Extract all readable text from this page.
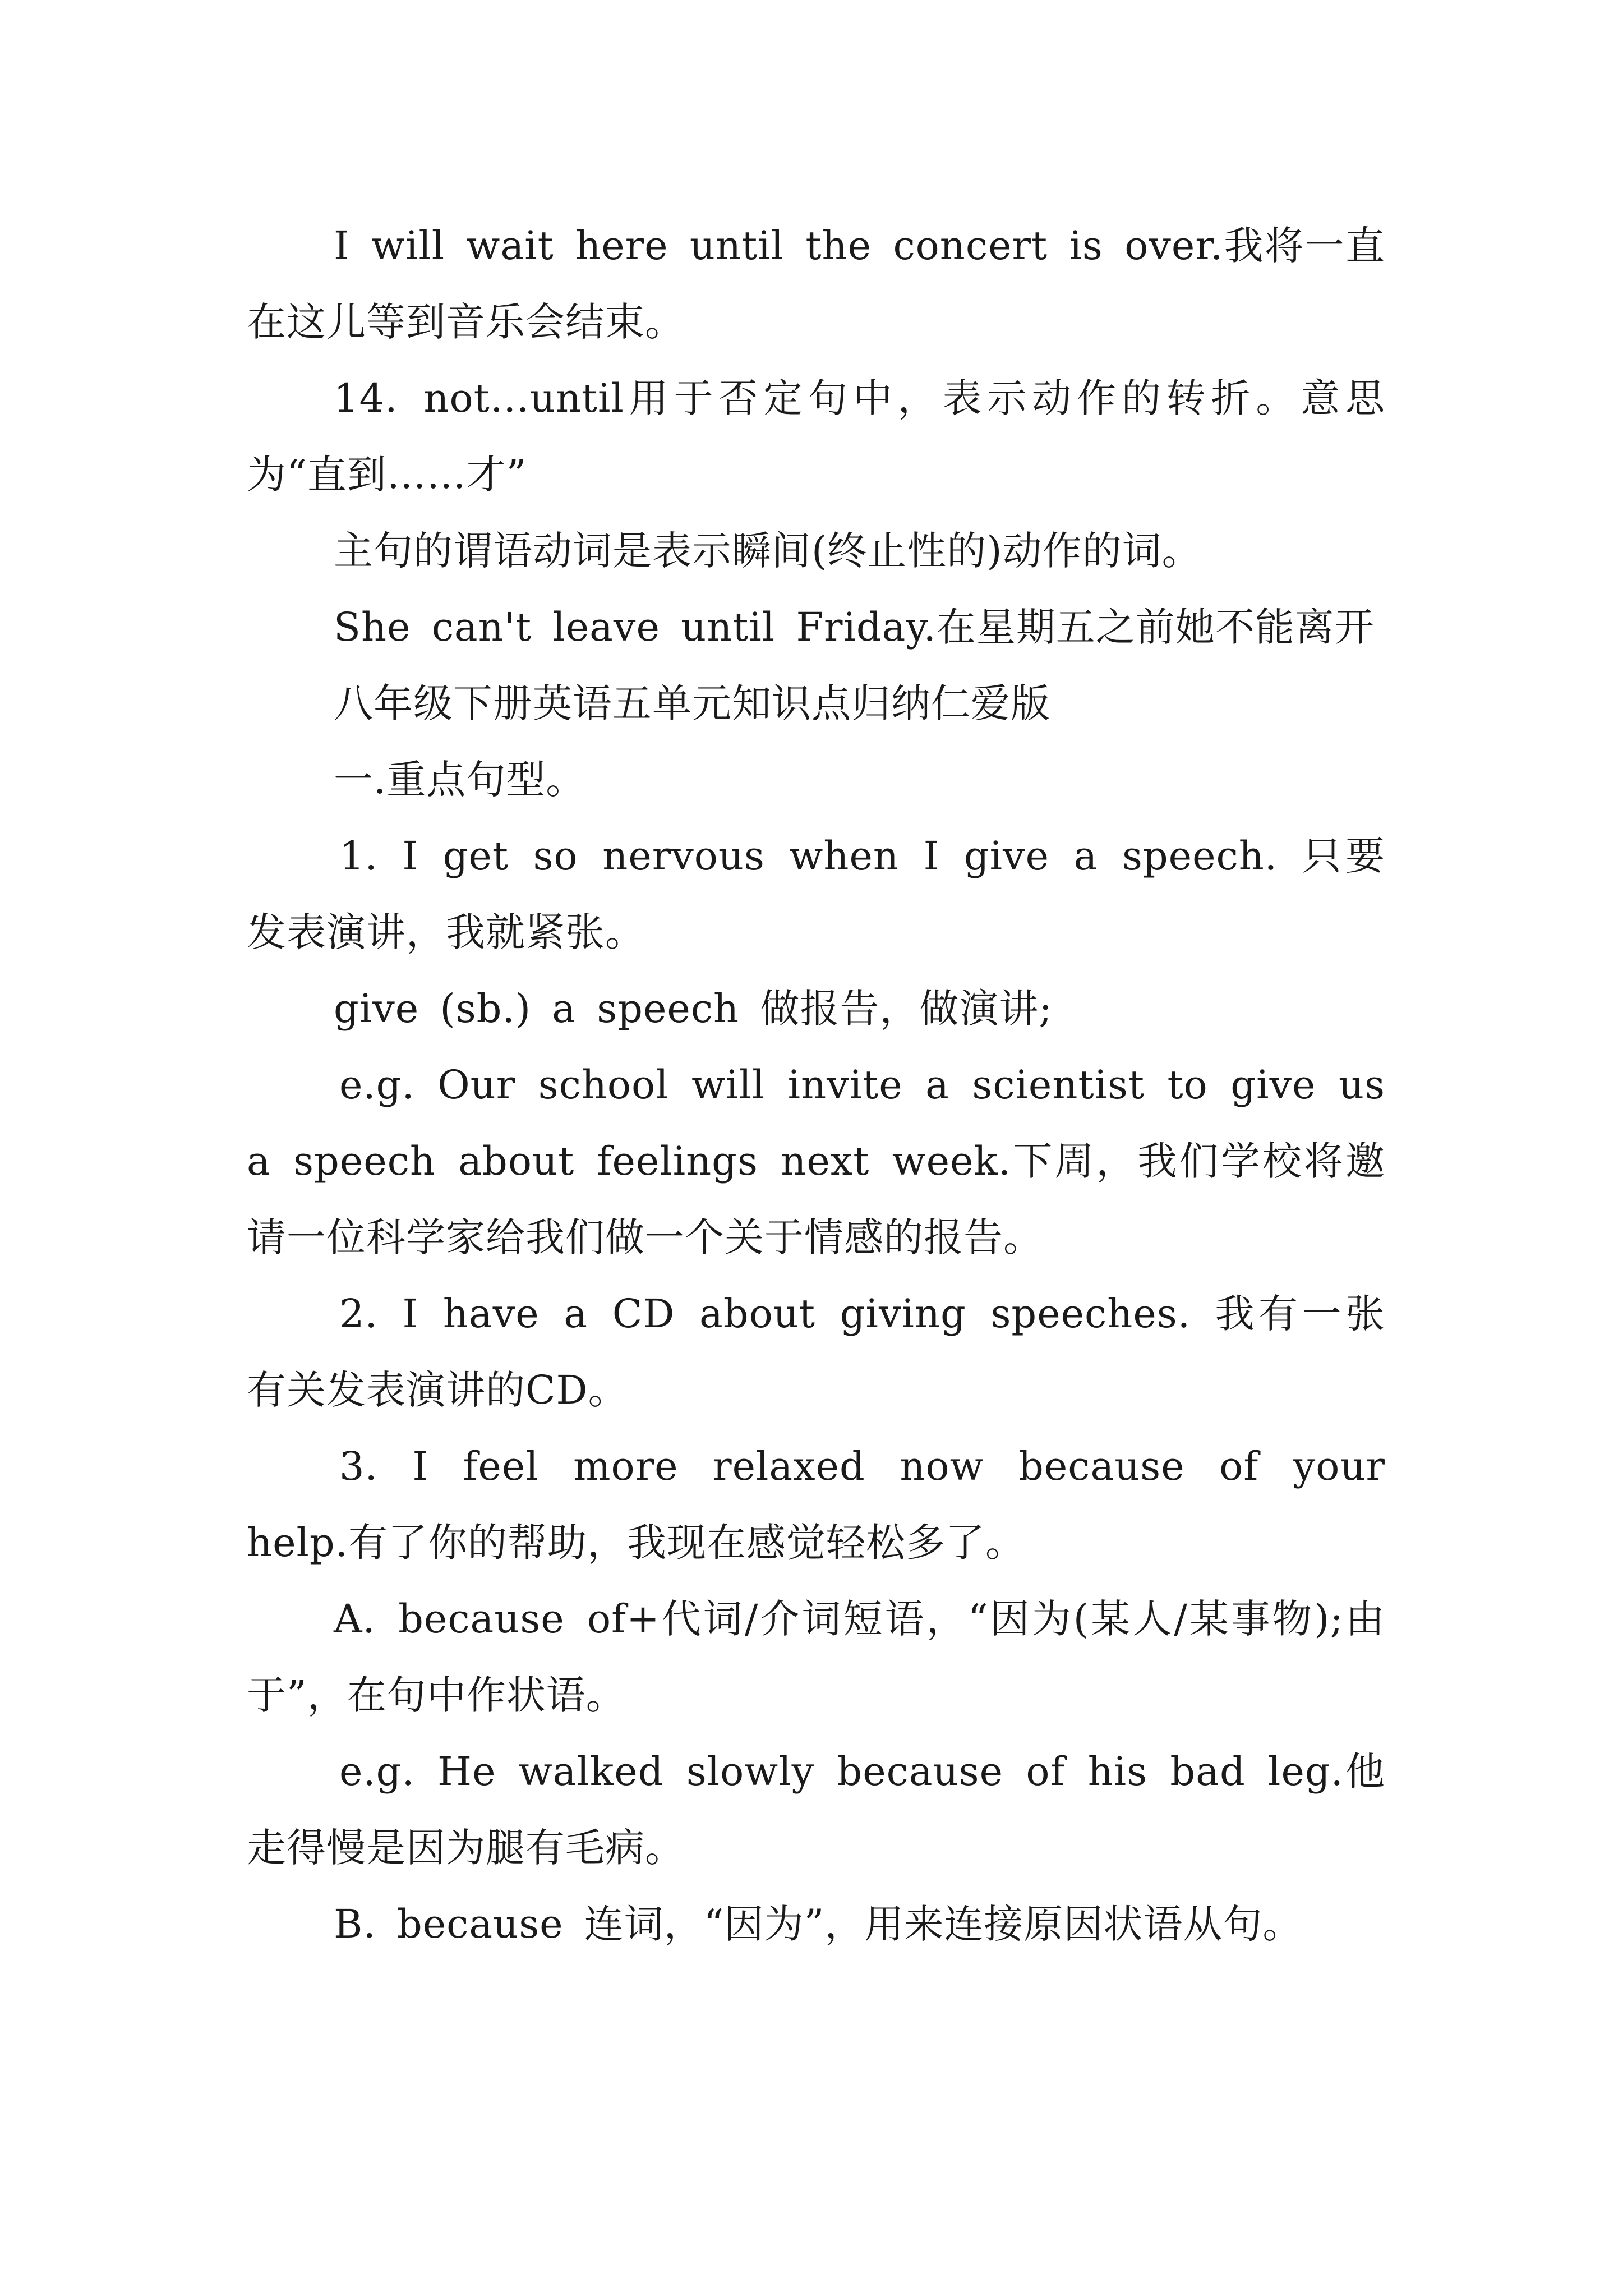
I will wait here until the concert is over.我将一直在这儿等到音乐会结束。

14. not…until用于否定句中，表示动作的转折。意思为“直到……才”

主句的谓语动词是表示瞬间(终止性的)动作的词。

She can't leave until Friday.在星期五之前她不能离开

八年级下册英语五单元知识点归纳仁爱版

一.重点句型。

1. I get so nervous when I give a speech. 只要发表演讲，我就紧张。

give (sb.) a speech 做报告，做演讲;

e.g. Our school will invite a scientist to give us a speech about feelings next week.下周，我们学校将邀请一位科学家给我们做一个关于情感的报告。

2. I have a CD about giving speeches. 我有一张有关发表演讲的CD。

3. I feel more relaxed now because of your help.有了你的帮助，我现在感觉轻松多了。

A. because of+代词/介词短语，“因为(某人/某事物);由于”，在句中作状语。

e.g. He walked slowly because of his bad leg.他走得慢是因为腿有毛病。

B. because 连词，“因为”，用来连接原因状语从句。
